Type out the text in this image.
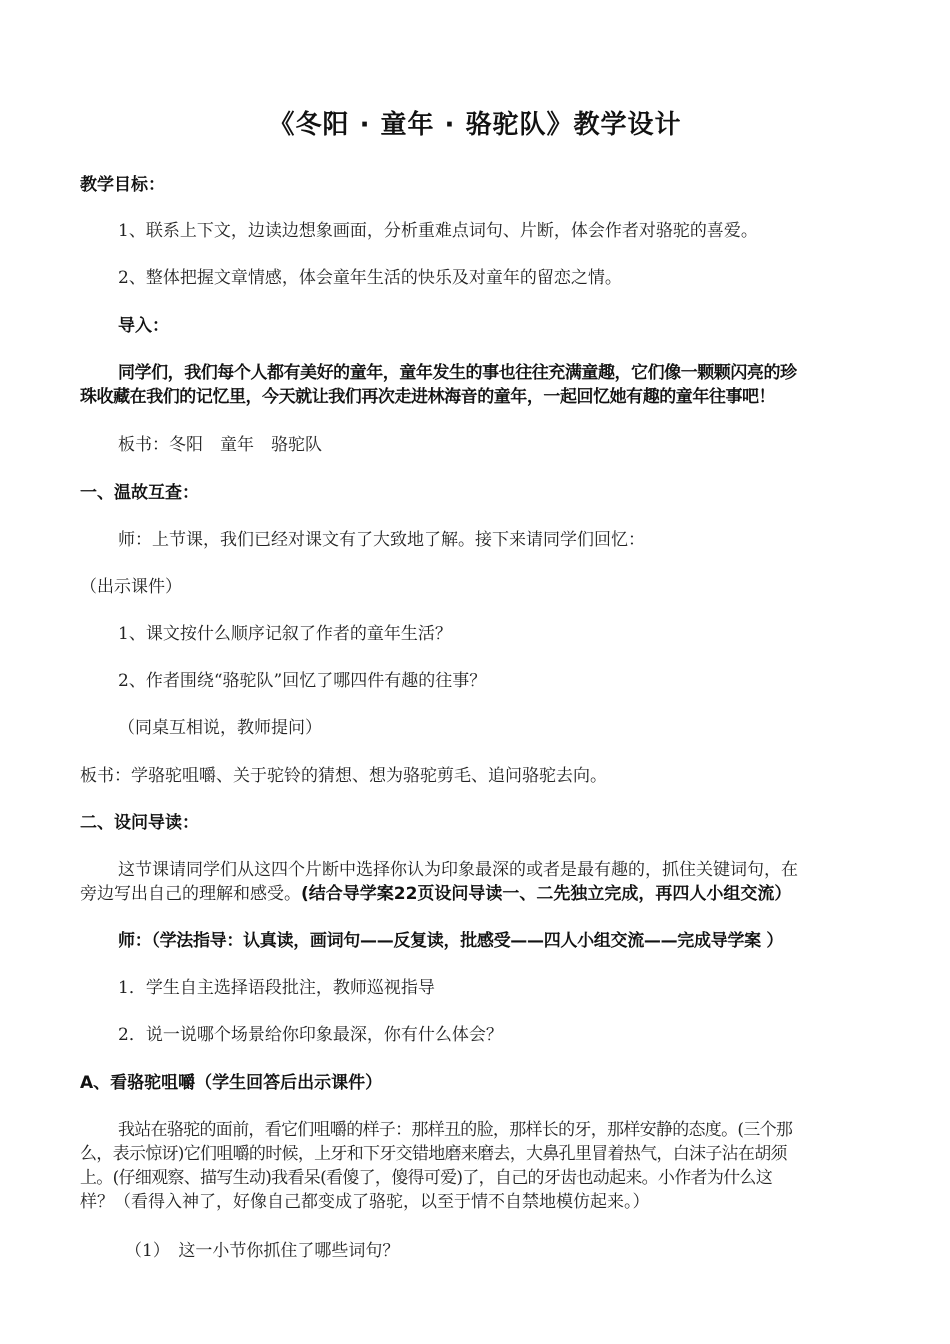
《冬阳 · 童年 · 骆驼队》教学设计
教学目标：
1、联系上下文，边读边想象画面，分析重难点词句、片断，体会作者对骆驼的喜爱。
2、整体把握文章情感，体会童年生活的快乐及对童年的留恋之情。
导入：
同学们，我们每个人都有美好的童年，童年发生的事也往往充满童趣，它们像一颗颗闪亮的珍
珠收藏在我们的记忆里，今天就让我们再次走进林海音的童年，一起回忆她有趣的童年往事吧！
板书：冬阳　童年　骆驼队
一、温故互查：
师：上节课，我们已经对课文有了大致地了解。接下来请同学们回忆：
（出示课件）
1、课文按什么顺序记叙了作者的童年生活？
2、作者围绕“骆驼队”回忆了哪四件有趣的往事？
（同桌互相说，教师提问）
板书：学骆驼咀嚼、关于驼铃的猜想、想为骆驼剪毛、追问骆驼去向。
二、设问导读：
这节课请同学们从这四个片断中选择你认为印象最深的或者是最有趣的，抓住关键词句，在
旁边写出自己的理解和感受。(结合导学案22页设问导读一、二先独立完成，再四人小组交流）
师：（学法指导：认真读，画词句——反复读，批感受——四人小组交流——完成导学案 ）
1．学生自主选择语段批注，教师巡视指导
2．说一说哪个场景给你印象最深，你有什么体会？
A、看骆驼咀嚼（学生回答后出示课件）
我站在骆驼的面前，看它们咀嚼的样子：那样丑的脸，那样长的牙，那样安静的态度。(三个那
么，表示惊讶)它们咀嚼的时候，上牙和下牙交错地磨来磨去，大鼻孔里冒着热气，白沫子沾在胡须
上。(仔细观察、描写生动)我看呆(看傻了，傻得可爱)了，自己的牙齿也动起来。小作者为什么这
样？（看得入神了，好像自己都变成了骆驼，以至于情不自禁地模仿起来。）
（1）　这一小节你抓住了哪些词句？
